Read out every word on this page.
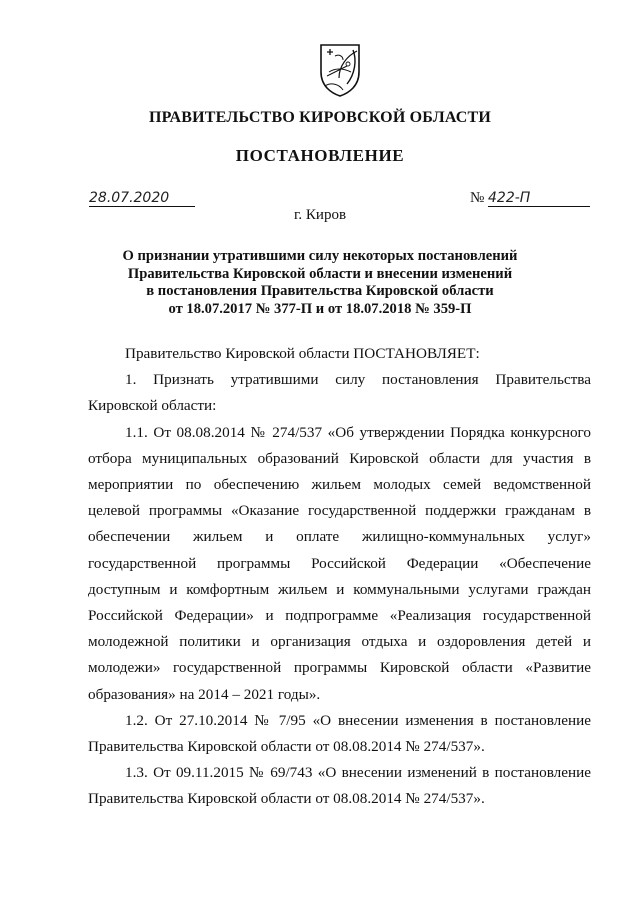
ПРАВИТЕЛЬСТВО КИРОВСКОЙ ОБЛАСТИ
ПОСТАНОВЛЕНИЕ
28.07.2020	№ 422-П
г. Киров
О признании утратившими силу некоторых постановлений
Правительства Кировской области и внесении изменений
в постановления Правительства Кировской области
от 18.07.2017 № 377-П и от 18.07.2018 № 359-П

Правительство Кировской области ПОСТАНОВЛЯЕТ:

1. Признать утратившими силу постановления Правительства Кировской области:

1.1. От 08.08.2014 № 274/537 «Об утверждении Порядка конкурсного отбора муниципальных образований Кировской области для участия в мероприятии по обеспечению жильем молодых семей ведомственной целевой программы «Оказание государственной поддержки гражданам в обеспечении жильем и оплате жилищно-коммунальных услуг» государственной программы Российской Федерации «Обеспечение доступным и комфортным жильем и коммунальными услугами граждан Российской Федерации» и подпрограмме «Реализация государственной молодежной политики и организация отдыха и оздоровления детей и молодежи» государственной программы Кировской области «Развитие образования» на 2014 – 2021 годы».

1.2. От 27.10.2014 № 7/95 «О внесении изменения в постановление Правительства Кировской области от 08.08.2014 № 274/537».

1.3. От 09.11.2015 № 69/743 «О внесении изменений в постановление Правительства Кировской области от 08.08.2014 № 274/537».
